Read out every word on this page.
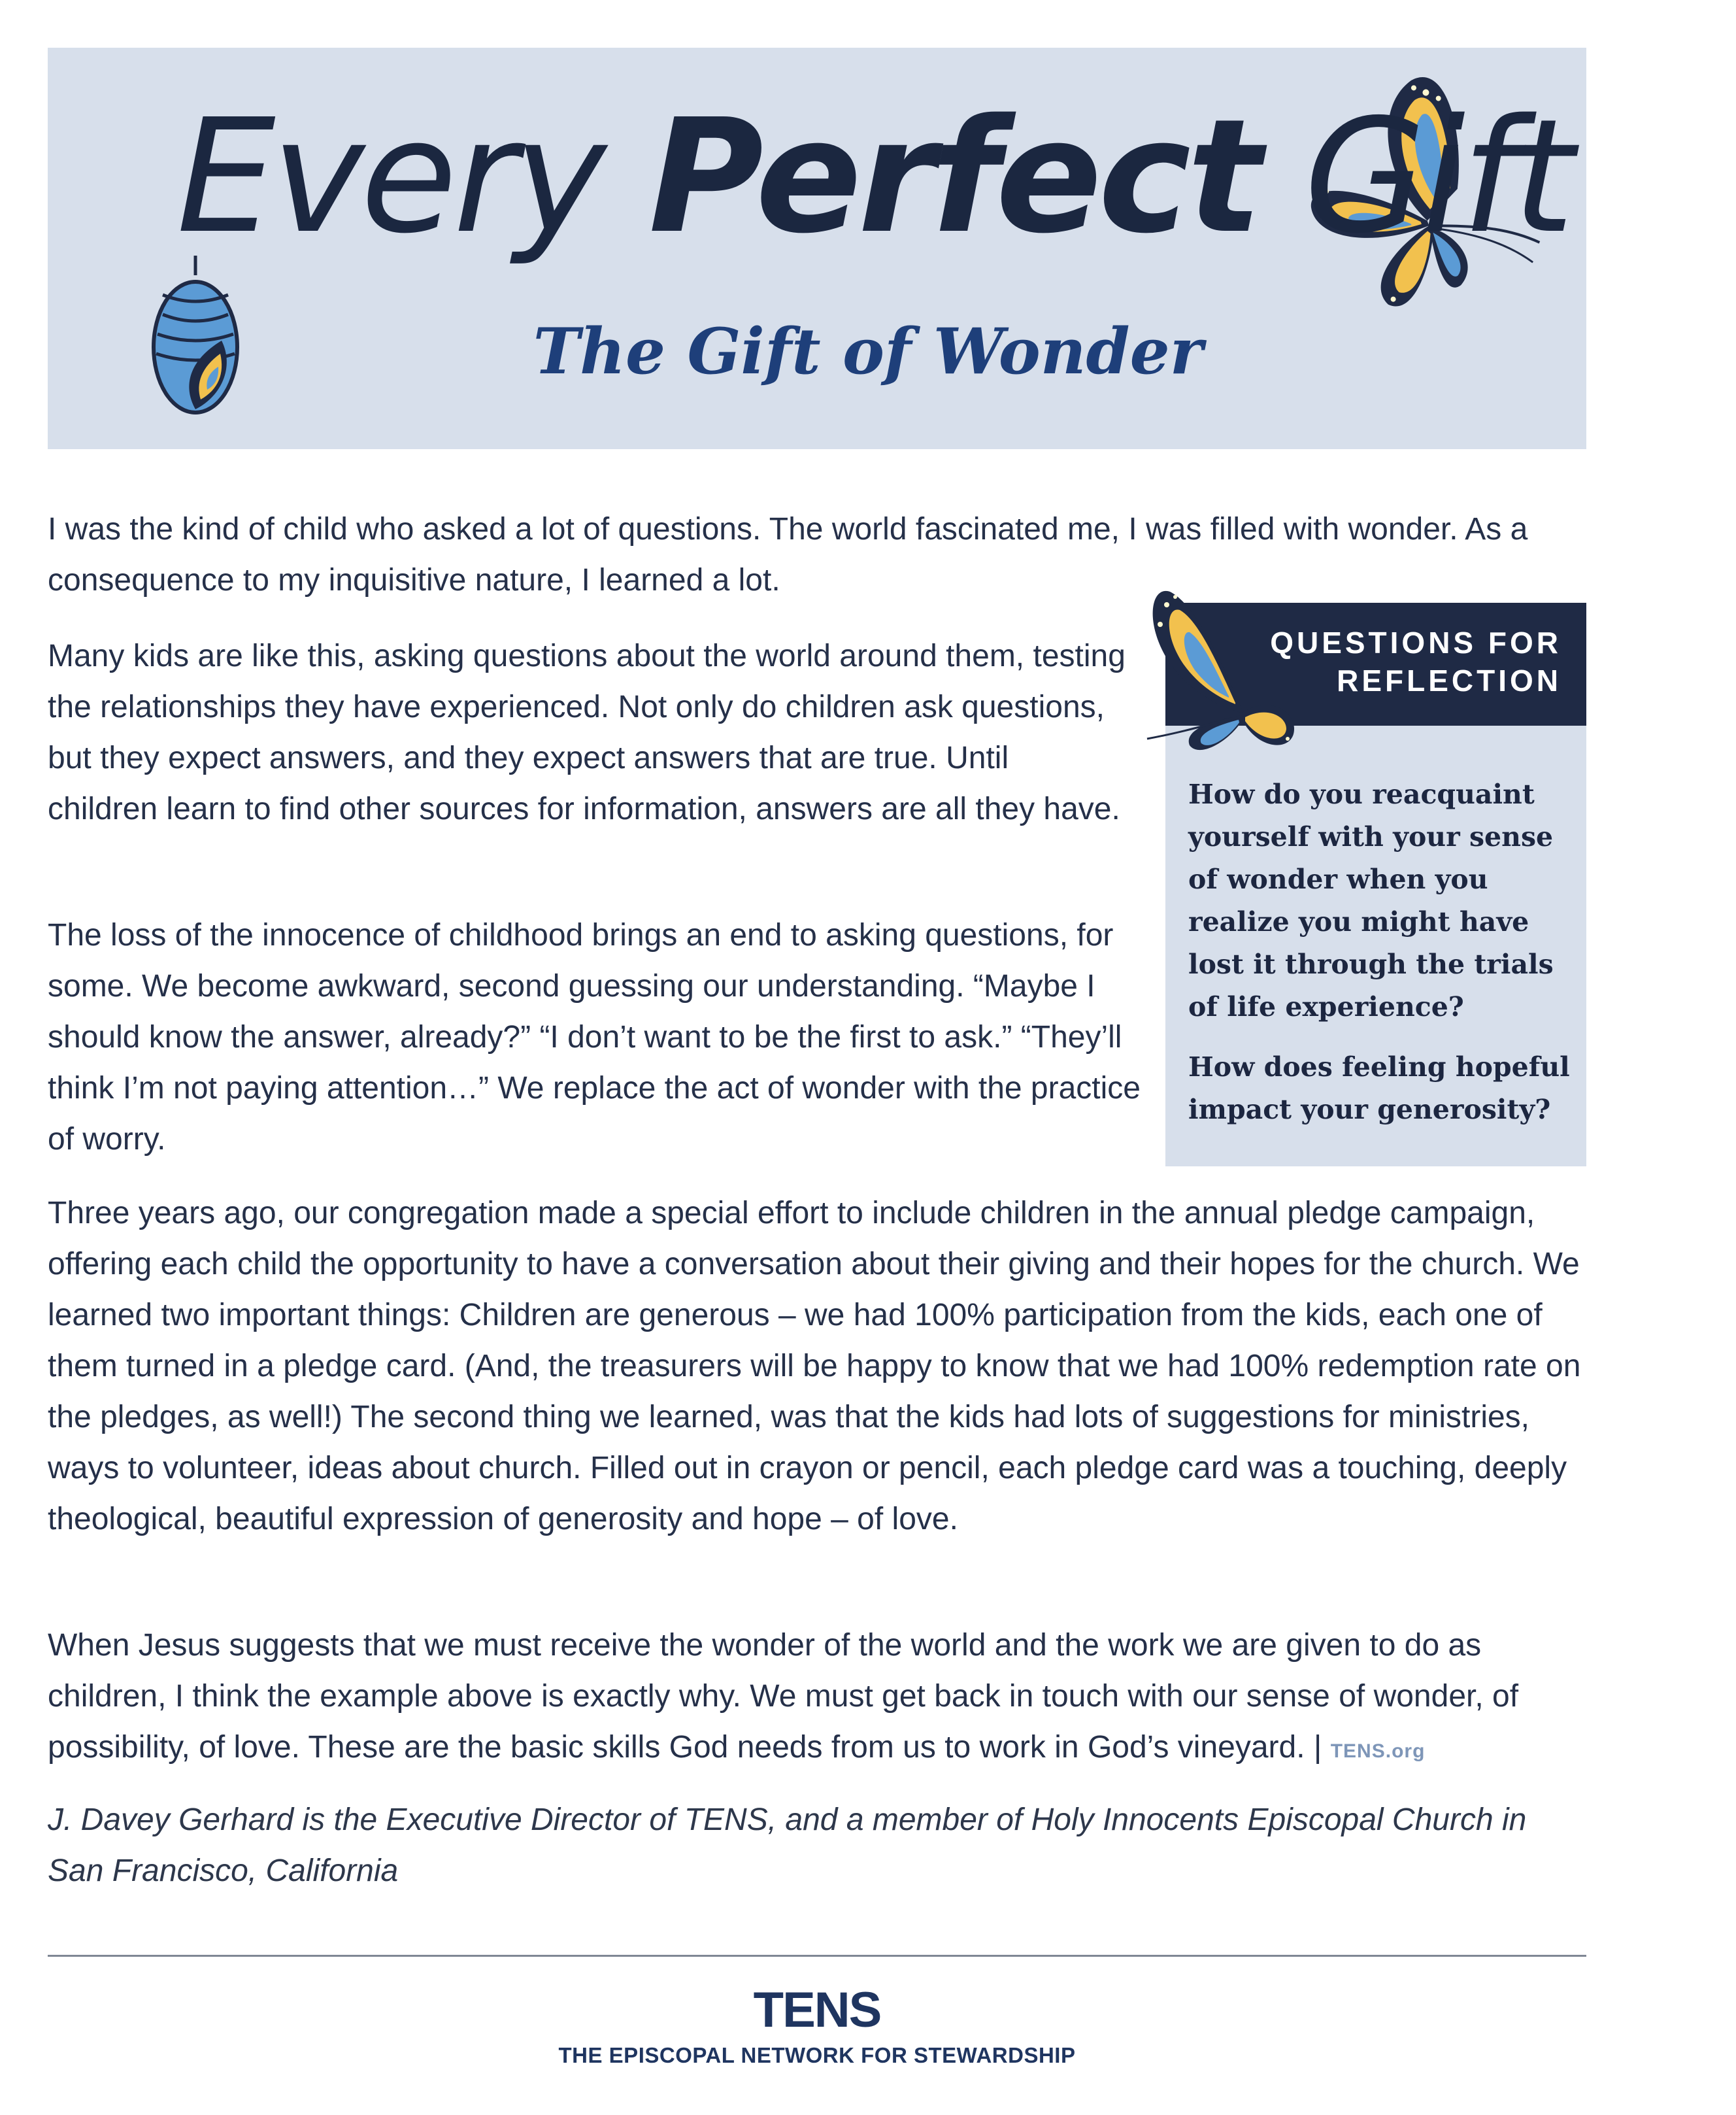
Every Perfect Gift
The Gift of Wonder

I was the kind of child who asked a lot of questions. The world fascinated me, I was filled with wonder. As a consequence to my inquisitive nature, I learned a lot.

Many kids are like this, asking questions about the world around them, testing the relationships they have experienced. Not only do children ask questions, but they expect answers, and they expect answers that are true. Until children learn to find other sources for information, answers are all they have.

The loss of the innocence of childhood brings an end to asking questions, for some. We become awkward, second guessing our understanding. “Maybe I should know the answer, already?” “I don’t want to be the first to ask.” “They’ll think I’m not paying attention…” We replace the act of wonder with the practice of worry.

Three years ago, our congregation made a special effort to include children in the annual pledge campaign, offering each child the opportunity to have a conversation about their giving and their hopes for the church. We learned two important things: Children are generous – we had 100% participation from the kids, each one of them turned in a pledge card. (And, the treasurers will be happy to know that we had 100% redemption rate on the pledges, as well!) The second thing we learned, was that the kids had lots of suggestions for ministries, ways to volunteer, ideas about church. Filled out in crayon or pencil, each pledge card was a touching, deeply theological, beautiful expression of generosity and hope – of love.

When Jesus suggests that we must receive the wonder of the world and the work we are given to do as children, I think the example above is exactly why. We must get back in touch with our sense of wonder, of possibility, of love. These are the basic skills God needs from us to work in God’s vineyard. | TENS.org

J. Davey Gerhard is the Executive Director of TENS, and a member of Holy Innocents Episcopal Church in San Francisco, California

QUESTIONS FOR REFLECTION

How do you reacquaint yourself with your sense of wonder when you realize you might have lost it through the trials of life experience?

How does feeling hopeful impact your generosity?

TENS

THE EPISCOPAL NETWORK FOR STEWARDSHIP
